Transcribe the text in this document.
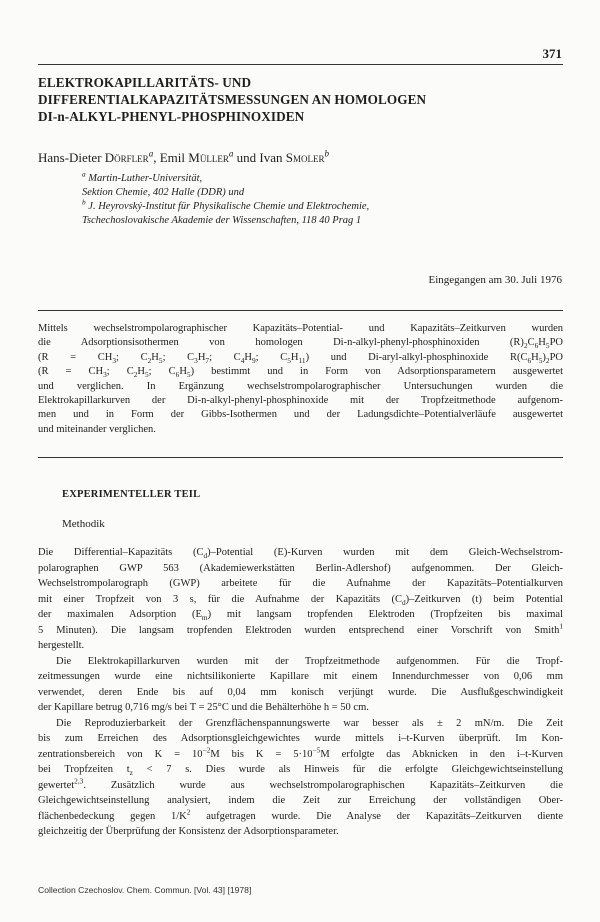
371
ELEKTROKAPILLARITÄTS- UND
DIFFERENTIALKAPAZITÄTSMESSUNGEN AN HOMOLOGEN
DI-n-ALKYL-PHENYL-PHOSPHINOXIDEN
Hans-Dieter Dörfler$^a$, Emil Müller$^a$ und Ivan Smoler$^b$
$^a$ Martin-Luther-Universität,
Sektion Chemie, 402 Halle (DDR) und
$^b$ J. Heyrovský-Institut für Physikalische Chemie und Elektrochemie,
Tschechoslovakische Akademie der Wissenschaften, 118 40 Prag 1
Eingegangen am 30. Juli 1976
Mittels wechselstrompolarographischer Kapazitäts–Potential- und Kapazitäts–Zeitkurven wurden
die Adsorptionsisothermen von homologen Di-n-alkyl-phenyl-phosphinoxiden $(R)_2C_6H_5PO$
($R = CH_3$; $C_2H_5$; $C_3H_7$; $C_4H_9$; $C_5H_{11}$) und Di-aryl-alkyl-phosphinoxide $R(C_6H_5)_2PO$
($R = CH_3$; $C_2H_5$; $C_6H_5$) bestimmt und in Form von Adsorptionsparametern ausgewertet
und verglichen. In Ergänzung wechselstrompolarographischer Untersuchungen wurden die
Elektrokapillarkurven der Di-n-alkyl-phenyl-phosphinoxide mit der Tropfzeitmethode aufgenom-
men und in Form der Gibbs-Isothermen und der Ladungsdichte–Potentialverläufe ausgewertet
und miteinander verglichen.
EXPERIMENTELLER TEIL
Methodik
Die Differential–Kapazitäts $(C_d)$–Potential (E)-Kurven wurden mit dem Gleich-Wechselstrom-
polarographen GWP 563 (Akademiewerkstätten Berlin-Adlershof) aufgenommen. Der Gleich-
Wechselstrompolarograph (GWP) arbeitete für die Aufnahme der Kapazitäts–Potentialkurven
mit einer Tropfzeit von 3 s, für die Aufnahme der Kapazitäts $(C_d)$–Zeitkurven (t) beim Potential
der maximalen Adsorption $(E_m)$ mit langsam tropfenden Elektroden (Tropfzeiten bis maximal
5 Minuten). Die langsam tropfenden Elektroden wurden entsprechend einer Vorschrift von Smith$^1$
hergestellt.
Die Elektrokapillarkurven wurden mit der Tropfzeitmethode aufgenommen. Für die Tropf-
zeitmessungen wurde eine nichtsilikonierte Kapillare mit einem Innendurchmesser von 0,06 mm
verwendet, deren Ende bis auf 0,04 mm konisch verjüngt wurde. Die Ausflußgeschwindigkeit
der Kapillare betrug 0,716 mg/s bei T = 25°C und die Behälterhöhe h = 50 cm.
Die Reproduzierbarkeit der Grenzflächenspannungswerte war besser als ± 2 mN/m. Die Zeit
bis zum Erreichen des Adsorptionsgleichgewichtes wurde mittels i–t-Kurven überprüft. Im Kon-
zentrationsbereich von $K = 10^{-2}M$ bis $K = 5\cdot 10^{-5}M$ erfolgte das Abknicken in den i–t-Kurven
bei Tropfzeiten $t_z < 7$ s. Dies wurde als Hinweis für die erfolgte Gleichgewichtseinstellung
gewertet$^{2,3}$. Zusätzlich wurde aus wechselstrompolarographischen Kapazitäts–Zeitkurven die
Gleichgewichtseinstellung analysiert, indem die Zeit zur Erreichung der vollständigen Ober-
flächenbedeckung gegen $1/K^2$ aufgetragen wurde. Die Analyse der Kapazitäts–Zeitkurven diente
gleichzeitig der Überprüfung der Konsistenz der Adsorptionsparameter.
Collection Czechoslov. Chem. Commun. [Vol. 43] [1978]
